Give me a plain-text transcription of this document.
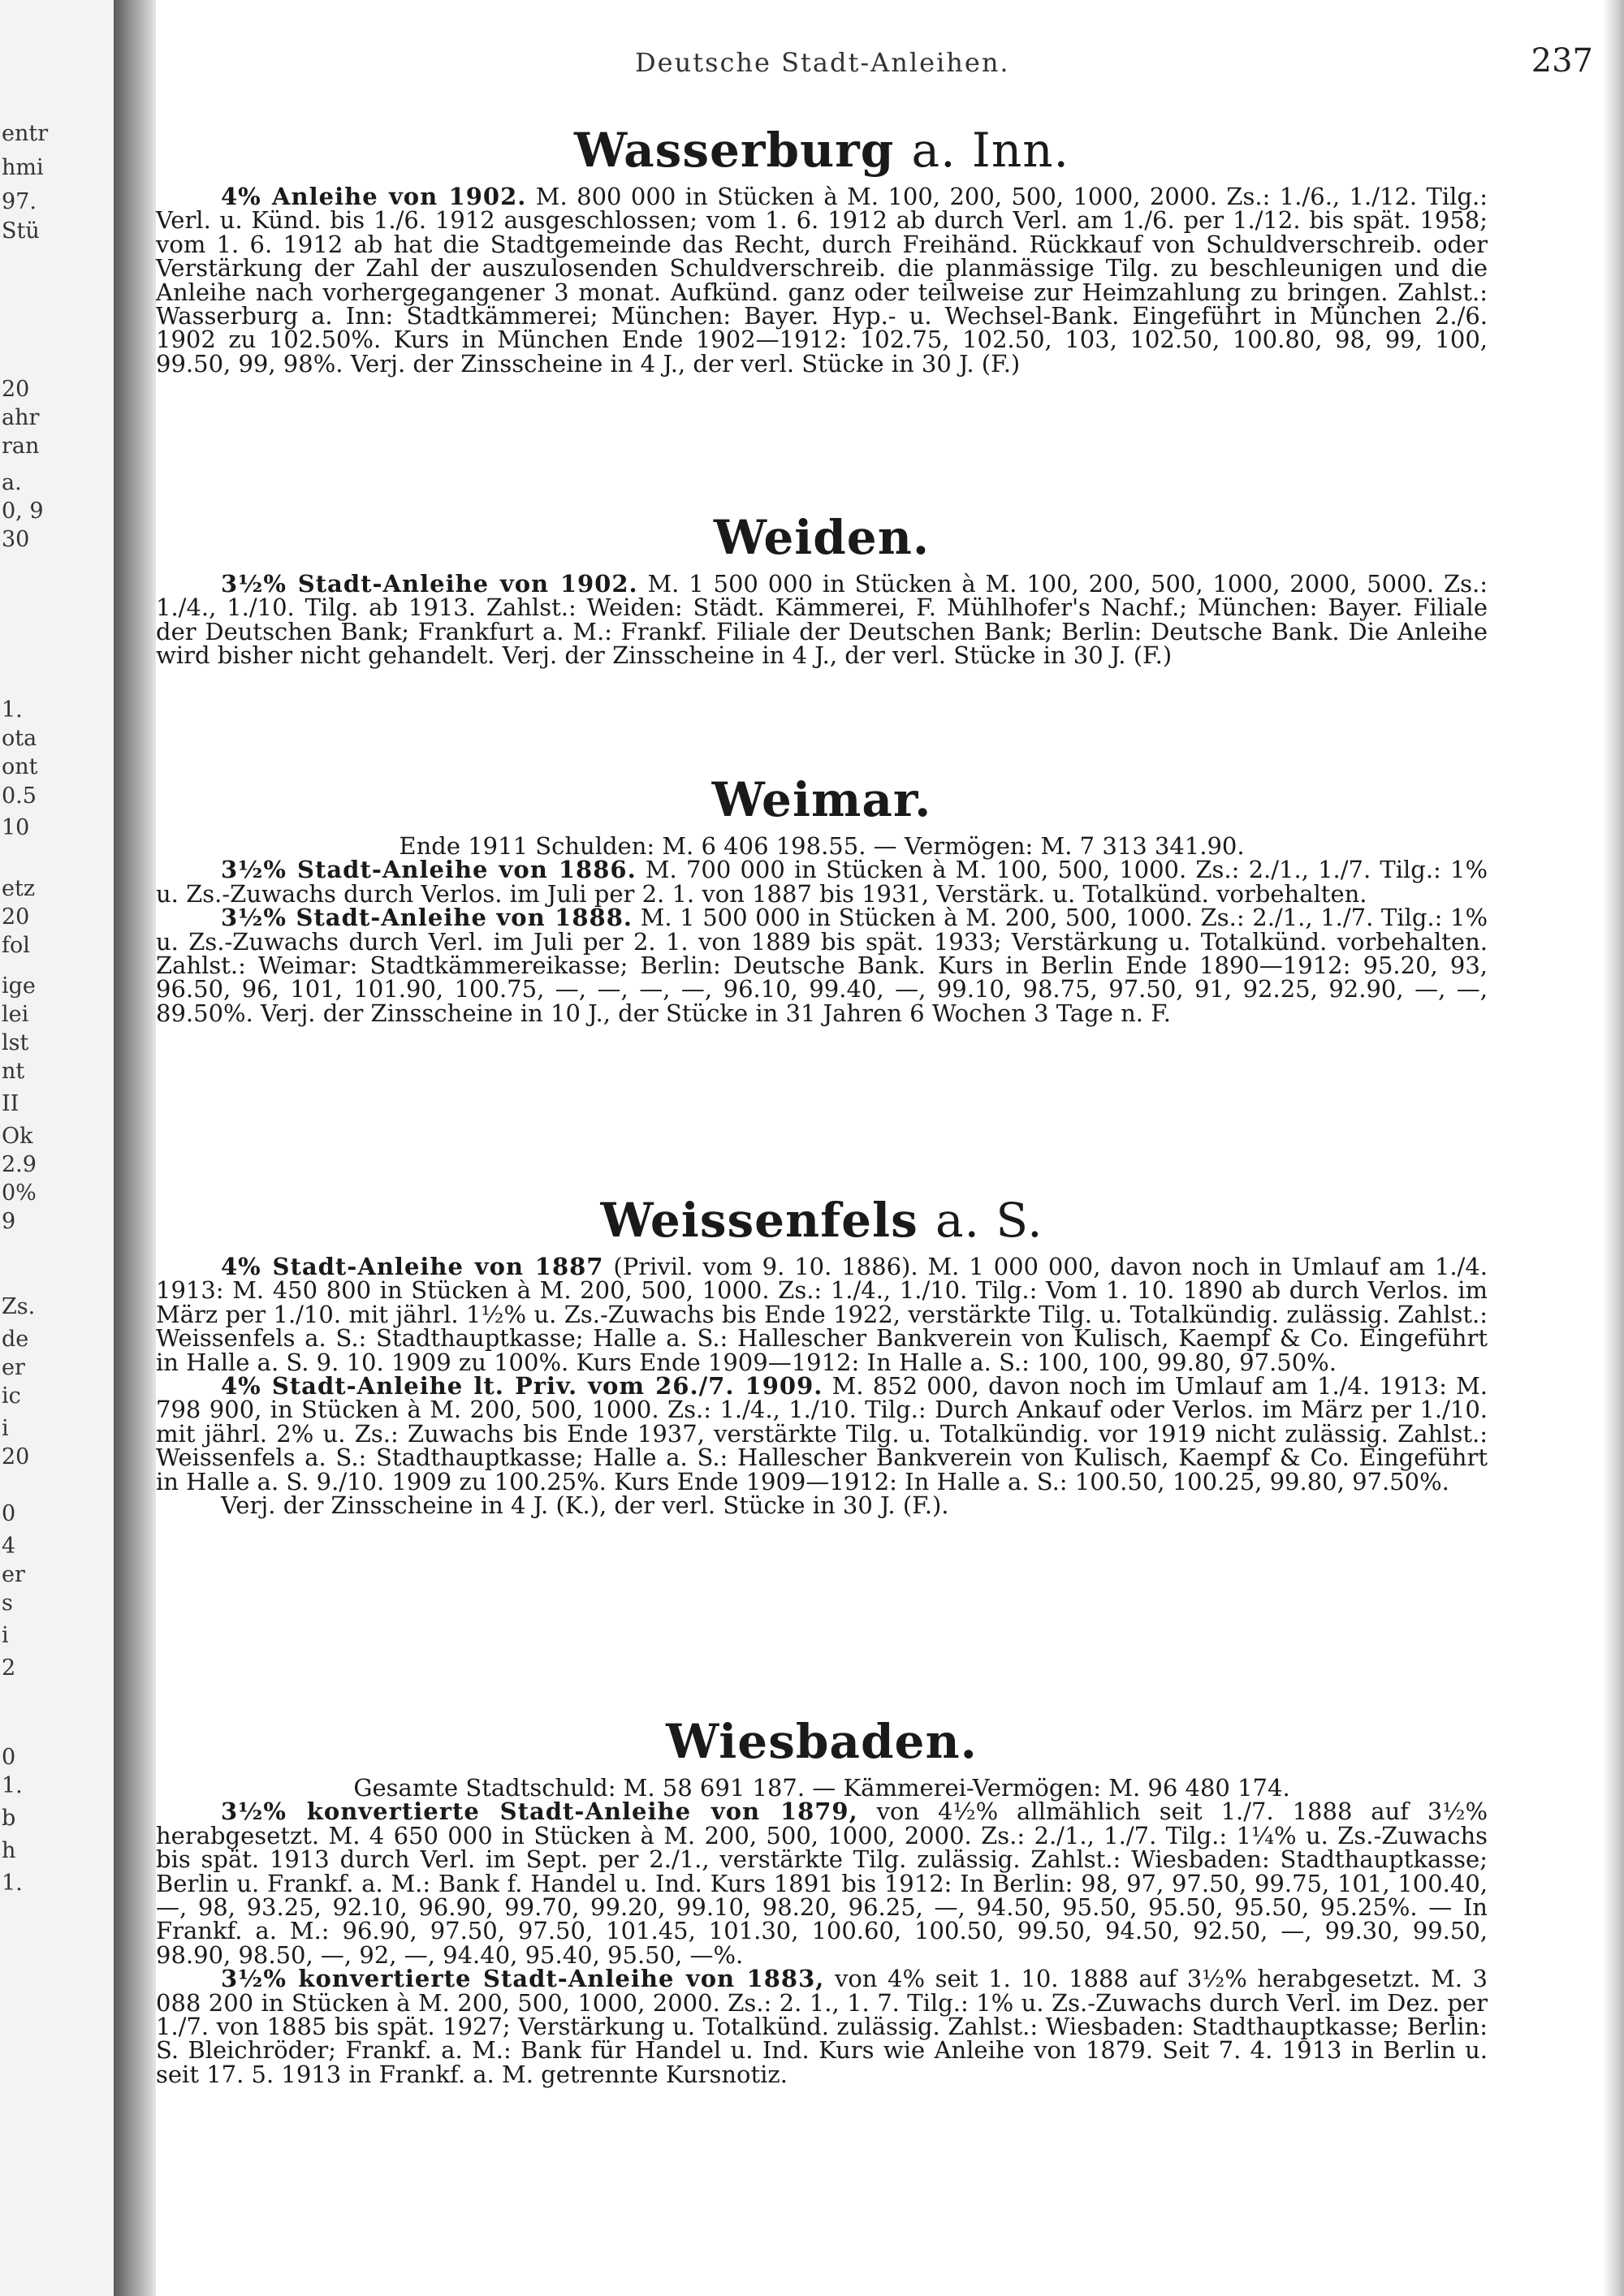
entr
hmi
97.
Stü
20
ahr
ran
a.
0, 9
30
1.
ota
ont
0.5
10
etz
20
fol
ige
lei
lst
nt
II
Ok
2.9
0%
9
Zs.
de
er
ic
i
20
0
4
er
s
i
2
0
1.
b
h
1.
Deutsche Stadt-Anleihen.	237
Wasserburg a. Inn.

4% Anleihe von 1902. M. 800 000 in Stücken à M. 100, 200, 500, 1000, 2000. Zs.: 1./6., 1./12. Tilg.: Verl. u. Künd. bis 1./6. 1912 ausgeschlossen; vom 1. 6. 1912 ab durch Verl. am 1./6. per 1./12. bis spät. 1958; vom 1. 6. 1912 ab hat die Stadtgemeinde das Recht, durch Freihänd. Rückkauf von Schuldverschreib. oder Verstärkung der Zahl der auszulosenden Schuldverschreib. die planmässige Tilg. zu beschleunigen und die Anleihe nach vorhergegangener 3 monat. Aufkünd. ganz oder teilweise zur Heimzahlung zu bringen. Zahlst.: Wasserburg a. Inn: Stadtkämmerei; München: Bayer. Hyp.- u. Wechsel-Bank. Eingeführt in München 2./6. 1902 zu 102.50%. Kurs in München Ende 1902—1912: 102.75, 102.50, 103, 102.50, 100.80, 98, 99, 100, 99.50, 99, 98%. Verj. der Zinsscheine in 4 J., der verl. Stücke in 30 J. (F.)

Weiden.

3½% Stadt-Anleihe von 1902. M. 1 500 000 in Stücken à M. 100, 200, 500, 1000, 2000, 5000. Zs.: 1./4., 1./10. Tilg. ab 1913. Zahlst.: Weiden: Städt. Kämmerei, F. Mühlhofer's Nachf.; München: Bayer. Filiale der Deutschen Bank; Frankfurt a. M.: Frankf. Filiale der Deutschen Bank; Berlin: Deutsche Bank. Die Anleihe wird bisher nicht gehandelt. Verj. der Zinsscheine in 4 J., der verl. Stücke in 30 J. (F.)

Weimar.

Ende 1911 Schulden: M. 6 406 198.55. — Vermögen: M. 7 313 341.90.

3½% Stadt-Anleihe von 1886. M. 700 000 in Stücken à M. 100, 500, 1000. Zs.: 2./1., 1./7. Tilg.: 1% u. Zs.-Zuwachs durch Verlos. im Juli per 2. 1. von 1887 bis 1931, Verstärk. u. Totalkünd. vorbehalten.

3½% Stadt-Anleihe von 1888. M. 1 500 000 in Stücken à M. 200, 500, 1000. Zs.: 2./1., 1./7. Tilg.: 1% u. Zs.-Zuwachs durch Verl. im Juli per 2. 1. von 1889 bis spät. 1933; Verstärkung u. Totalkünd. vorbehalten. Zahlst.: Weimar: Stadtkämmereikasse; Berlin: Deutsche Bank. Kurs in Berlin Ende 1890—1912: 95.20, 93, 96.50, 96, 101, 101.90, 100.75, —, —, —, —, 96.10, 99.40, —, 99.10, 98.75, 97.50, 91, 92.25, 92.90, —, —, 89.50%. Verj. der Zinsscheine in 10 J., der Stücke in 31 Jahren 6 Wochen 3 Tage n. F.

Weissenfels a. S.

4% Stadt-Anleihe von 1887 (Privil. vom 9. 10. 1886). M. 1 000 000, davon noch in Umlauf am 1./4. 1913: M. 450 800 in Stücken à M. 200, 500, 1000. Zs.: 1./4., 1./10. Tilg.: Vom 1. 10. 1890 ab durch Verlos. im März per 1./10. mit jährl. 1½% u. Zs.-Zuwachs bis Ende 1922, verstärkte Tilg. u. Totalkündig. zulässig. Zahlst.: Weissenfels a. S.: Stadthauptkasse; Halle a. S.: Hallescher Bankverein von Kulisch, Kaempf & Co. Eingeführt in Halle a. S. 9. 10. 1909 zu 100%. Kurs Ende 1909—1912: In Halle a. S.: 100, 100, 99.80, 97.50%.

4% Stadt-Anleihe lt. Priv. vom 26./7. 1909. M. 852 000, davon noch im Umlauf am 1./4. 1913: M. 798 900, in Stücken à M. 200, 500, 1000. Zs.: 1./4., 1./10. Tilg.: Durch Ankauf oder Verlos. im März per 1./10. mit jährl. 2% u. Zs.: Zuwachs bis Ende 1937, verstärkte Tilg. u. Totalkündig. vor 1919 nicht zulässig. Zahlst.: Weissenfels a. S.: Stadthauptkasse; Halle a. S.: Hallescher Bankverein von Kulisch, Kaempf & Co. Eingeführt in Halle a. S. 9./10. 1909 zu 100.25%. Kurs Ende 1909—1912: In Halle a. S.: 100.50, 100.25, 99.80, 97.50%.

Verj. der Zinsscheine in 4 J. (K.), der verl. Stücke in 30 J. (F.).

Wiesbaden.

Gesamte Stadtschuld: M. 58 691 187. — Kämmerei-Vermögen: M. 96 480 174.

3½% konvertierte Stadt-Anleihe von 1879, von 4½% allmählich seit 1./7. 1888 auf 3½% herabgesetzt. M. 4 650 000 in Stücken à M. 200, 500, 1000, 2000. Zs.: 2./1., 1./7. Tilg.: 1¼% u. Zs.-Zuwachs bis spät. 1913 durch Verl. im Sept. per 2./1., verstärkte Tilg. zulässig. Zahlst.: Wiesbaden: Stadthauptkasse; Berlin u. Frankf. a. M.: Bank f. Handel u. Ind. Kurs 1891 bis 1912: In Berlin: 98, 97, 97.50, 99.75, 101, 100.40, —, 98, 93.25, 92.10, 96.90, 99.70, 99.20, 99.10, 98.20, 96.25, —, 94.50, 95.50, 95.50, 95.50, 95.25%. — In Frankf. a. M.: 96.90, 97.50, 97.50, 101.45, 101.30, 100.60, 100.50, 99.50, 94.50, 92.50, —, 99.30, 99.50, 98.90, 98.50, —, 92, —, 94.40, 95.40, 95.50, —%.

3½% konvertierte Stadt-Anleihe von 1883, von 4% seit 1. 10. 1888 auf 3½% herabgesetzt. M. 3 088 200 in Stücken à M. 200, 500, 1000, 2000. Zs.: 2. 1., 1. 7. Tilg.: 1% u. Zs.-Zuwachs durch Verl. im Dez. per 1./7. von 1885 bis spät. 1927; Verstärkung u. Totalkünd. zulässig. Zahlst.: Wiesbaden: Stadthauptkasse; Berlin: S. Bleichröder; Frankf. a. M.: Bank für Handel u. Ind. Kurs wie Anleihe von 1879. Seit 7. 4. 1913 in Berlin u. seit 17. 5. 1913 in Frankf. a. M. getrennte Kursnotiz.
